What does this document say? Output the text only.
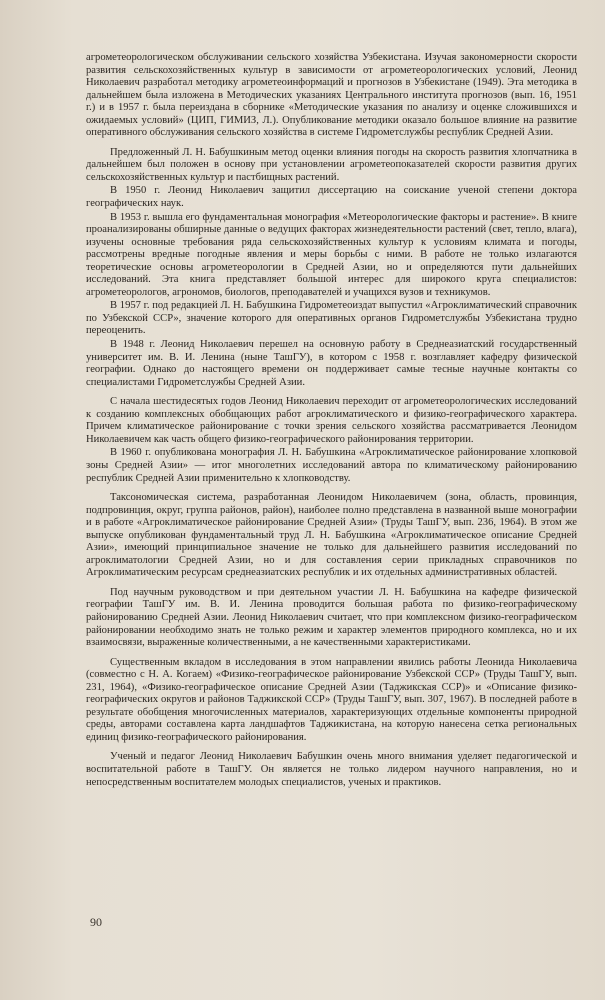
агрометеорологическом обслуживании сельского хозяйства Узбекистана. Изучая закономерности скорости развития сельскохозяйственных культур в зависимости от агрометеорологических условий, Леонид Николаевич разработал методику агрометеоинформаций и прогнозов в Узбекистане (1949). Эта методика в дальнейшем была изложена в Методических указаниях Центрального института прогнозов (вып. 16, 1951 г.) и в 1957 г. была переиздана в сборнике «Методические указания по анализу и оценке сложившихся и ожидаемых условий» (ЦИП, ГИМИЗ, Л.). Опубликование методики оказало большое влияние на развитие оперативного обслуживания сельского хозяйства в системе Гидрометслужбы республик Средней Азии.

Предложенный Л. Н. Бабушкиным метод оценки влияния погоды на скорость развития хлопчатника в дальнейшем был положен в основу при установлении агрометеопоказателей скорости развития других сельскохозяйственных культур и пастбищных растений.

В 1950 г. Леонид Николаевич защитил диссертацию на соискание ученой степени доктора географических наук.

В 1953 г. вышла его фундаментальная монография «Метеорологические факторы и растение». В книге проанализированы обширные данные о ведущих факторах жизнедеятельности растений (свет, тепло, влага), изучены основные требования ряда сельскохозяйственных культур к условиям климата и погоды, рассмотрены вредные погодные явления и меры борьбы с ними. В работе не только излагаются теоретические основы агрометеорологии в Средней Азии, но и определяются пути дальнейших исследований. Эта книга представляет большой интерес для широкого круга специалистов: агрометеорологов, агрономов, биологов, преподавателей и учащихся вузов и техникумов.

В 1957 г. под редакцией Л. Н. Бабушкина Гидрометеоиздат выпустил «Агроклиматический справочник по Узбекской ССР», значение которого для оперативных органов Гидрометслужбы Узбекистана трудно переоценить.

В 1948 г. Леонид Николаевич перешел на основную работу в Среднеазиатский государственный университет им. В. И. Ленина (ныне ТашГУ), в котором с 1958 г. возглавляет кафедру физической географии. Однако до настоящего времени он поддерживает самые тесные научные контакты со специалистами Гидрометслужбы Средней Азии.

С начала шестидесятых годов Леонид Николаевич переходит от агрометеорологических исследований к созданию комплексных обобщающих работ агроклиматического и физико-географического характера. Причем климатическое районирование с точки зрения сельского хозяйства рассматривается Леонидом Николаевичем как часть общего физико-географического районирования территории.

В 1960 г. опубликована монография Л. Н. Бабушкина «Агроклиматическое районирование хлопковой зоны Средней Азии» — итог многолетних исследований автора по климатическому районированию республик Средней Азии применительно к хлопководству.

Таксономическая система, разработанная Леонидом Николаевичем (зона, область, провинция, подпровинция, округ, группа районов, район), наиболее полно представлена в названной выше монографии и в работе «Агроклиматическое районирование Средней Азии» (Труды ТашГУ, вып. 236, 1964). В этом же выпуске опубликован фундаментальный труд Л. Н. Бабушкина «Агроклиматическое описание Средней Азии», имеющий принципиальное значение не только для дальнейшего развития исследований по агроклиматологии Средней Азии, но и для составления серии прикладных справочников по Агроклиматическим ресурсам среднеазиатских республик и их отдельных административных областей.

Под научным руководством и при деятельном участии Л. Н. Бабушкина на кафедре физической географии ТашГУ им. В. И. Ленина проводится большая работа по физико-географическому районированию Средней Азии. Леонид Николаевич считает, что при комплексном физико-географическом районировании необходимо знать не только режим и характер элементов природного комплекса, но и их взаимосвязи, выраженные количественными, а не качественными характеристиками.

Существенным вкладом в исследования в этом направлении явились работы Леонида Николаевича (совместно с Н. А. Когаем) «Физико-географическое районирование Узбекской ССР» (Труды ТашГУ, вып. 231, 1964), «Физико-географическое описание Средней Азии (Таджикская ССР)» и «Описание физико-географических округов и районов Таджикской ССР» (Труды ТашГУ, вып. 307, 1967). В последней работе в результате обобщения многочисленных материалов, характеризующих отдельные компоненты природной среды, авторами составлена карта ландшафтов Таджикистана, на которую нанесена сетка региональных единиц физико-географического районирования.

Ученый и педагог Леонид Николаевич Бабушкин очень много внимания уделяет педагогической и воспитательной работе в ТашГУ. Он является не только лидером научного направления, но и непосредственным воспитателем молодых специалистов, ученых и практиков.

90
